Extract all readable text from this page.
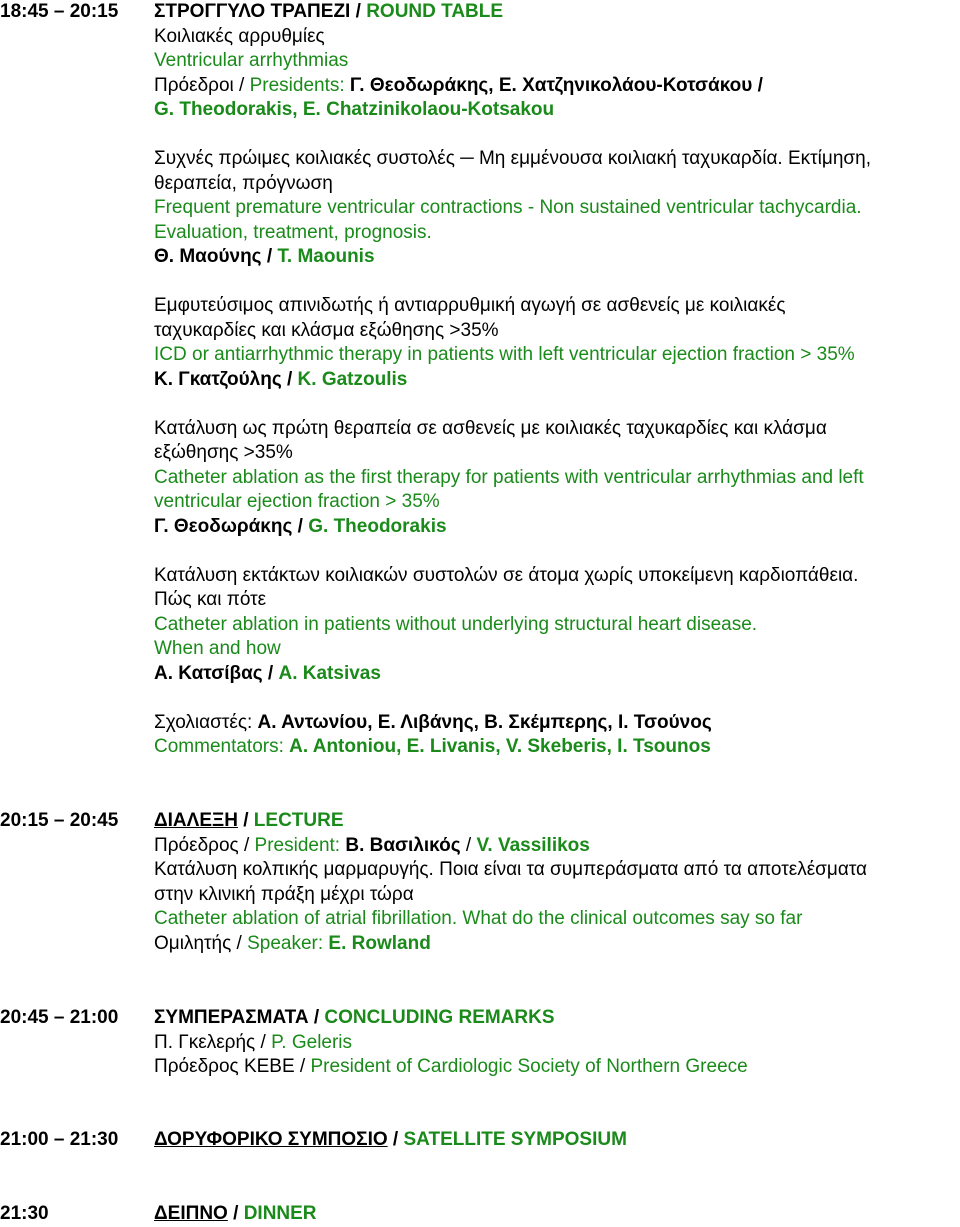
18:45 – 20:15 ΣΤΡΟΓΓΥΛΟ ΤΡΑΠΕΖΙ / ROUND TABLE
Κοιλιακές αρρυθμίες
Ventricular arrhythmias
Πρόεδροι / Presidents: Γ. Θεοδωράκης, Ε. Χατζηνικολάου-Κοτσάκου /
G. Theodorakis, E. Chatzinikolaou-Kotsakou
Συχνές πρώιμες κοιλιακές συστολές ─ Μη εμμένουσα κοιλιακή ταχυκαρδία. Εκτίμηση,
θεραπεία, πρόγνωση
Frequent premature ventricular contractions - Non sustained ventricular tachycardia.
Evaluation, treatment, prognosis.
Θ. Μαούνης / T. Maounis
Εμφυτεύσιμος απινιδωτής ή αντιαρρυθμική αγωγή σε ασθενείς με κοιλιακές
ταχυκαρδίες και κλάσμα εξώθησης >35%
ICD or antiarrhythmic therapy in patients with left ventricular ejection fraction > 35%
Κ. Γκατζούλης / K. Gatzoulis
Κατάλυση ως πρώτη θεραπεία σε ασθενείς με κοιλιακές ταχυκαρδίες και κλάσμα
εξώθησης >35%
Catheter ablation as the first therapy for patients with ventricular arrhythmias and left
ventricular ejection fraction > 35%
Γ. Θεοδωράκης / G. Theodorakis
Κατάλυση εκτάκτων κοιλιακών συστολών σε άτομα χωρίς υποκείμενη καρδιοπάθεια.
Πώς και πότε
Catheter ablation in patients without underlying structural heart disease.
When and how
Α. Κατσίβας / A. Katsivas
Σχολιαστές: Α. Αντωνίου, Ε. Λιβάνης, Β. Σκέμπερης, Ι. Τσούνος
Commentators: A. Antoniou, E. Livanis, V. Skeberis, I. Tsounos
20:15 – 20:45 ΔΙΑΛΕΞΗ / LECTURE
Πρόεδρος / President: Β. Βασιλικός / V. Vassilikos
Κατάλυση κολπικής μαρμαρυγής. Ποια είναι τα συμπεράσματα από τα αποτελέσματα
στην κλινική πράξη μέχρι τώρα
Catheter ablation of atrial fibrillation. What do the clinical outcomes say so far
Ομιλητής / Speaker: E. Rowland
20:45 – 21:00 ΣΥΜΠΕΡΑΣΜΑΤΑ / CONCLUDING REMARKS
Π. Γκελερής / P. Geleris
Πρόεδρος ΚΕΒΕ / President of Cardiologic Society of Northern Greece
21:00 – 21:30 ΔΟΡΥΦΟΡΙΚΟ ΣΥΜΠΟΣΙΟ / SATELLITE SYMPOSIUM
21:30	ΔΕΙΠΝΟ / DINNER
